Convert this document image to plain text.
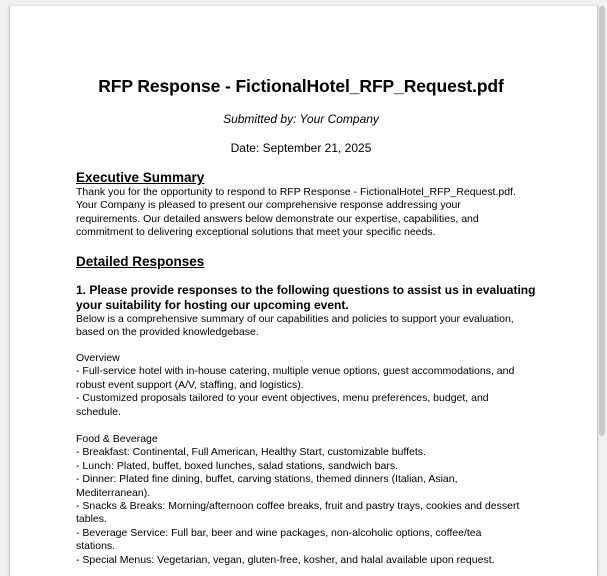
RFP Response - FictionalHotel_RFP_Request.pdf
Submitted by: Your Company
Date: September 21, 2025
Executive Summary
Thank you for the opportunity to respond to RFP Response - FictionalHotel_RFP_Request.pdf.
Your Company is pleased to present our comprehensive response addressing your
requirements. Our detailed answers below demonstrate our expertise, capabilities, and
commitment to delivering exceptional solutions that meet your specific needs.
Detailed Responses
1. Please provide responses to the following questions to assist us in evaluating
your suitability for hosting our upcoming event.
Below is a comprehensive summary of our capabilities and policies to support your evaluation,
based on the provided knowledgebase.
Overview
- Full-service hotel with in-house catering, multiple venue options, guest accommodations, and
robust event support (A/V, staffing, and logistics).
- Customized proposals tailored to your event objectives, menu preferences, budget, and
schedule.
Food & Beverage
- Breakfast: Continental, Full American, Healthy Start, customizable buffets.
- Lunch: Plated, buffet, boxed lunches, salad stations, sandwich bars.
- Dinner: Plated fine dining, buffet, carving stations, themed dinners (Italian, Asian,
Mediterranean).
- Snacks & Breaks: Morning/afternoon coffee breaks, fruit and pastry trays, cookies and dessert
tables.
- Beverage Service: Full bar, beer and wine packages, non-alcoholic options, coffee/tea
stations.
- Special Menus: Vegetarian, vegan, gluten-free, kosher, and halal available upon request.
